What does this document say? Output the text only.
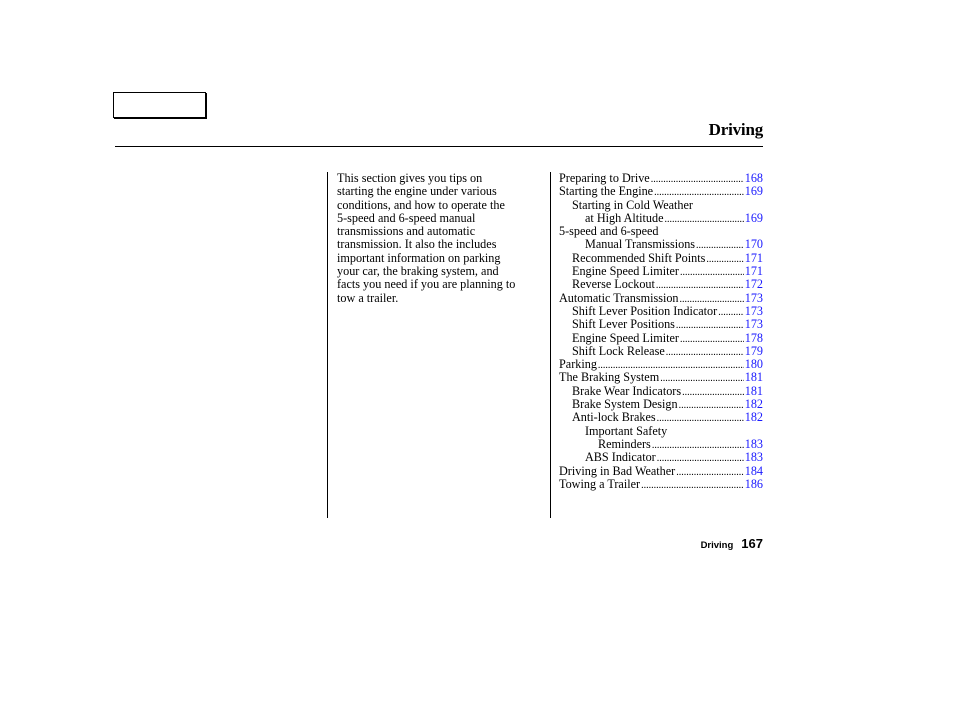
Driving
This section gives you tips on
starting the engine under various
conditions, and how to operate the
5-speed and 6-speed manual
transmissions and automatic
transmission. It also the includes
important information on parking
your car, the braking system, and
facts you need if you are planning to
tow a trailer.
Preparing to Drive .....	168
Starting the Engine .....	169
Starting in Cold Weather
at High Altitude .....	169
5-speed and 6-speed
Manual Transmissions .....	170
Recommended Shift Points .....	171
Engine Speed Limiter .....	171
Reverse Lockout .....	172
Automatic Transmission .....	173
Shift Lever Position Indicator ..... 173
Shift Lever Positions .....	173
Engine Speed Limiter .....	178
Shift Lock Release .....	179
Parking .....	180
The Braking System .....	181
Brake Wear Indicators .....	181
Brake System Design .....	182
Anti-lock Brakes .....	182
Important Safety
Reminders .....	183
ABS Indicator .....	183
Driving in Bad Weather .....	184
Towing a Trailer .....	186
Driving 167
